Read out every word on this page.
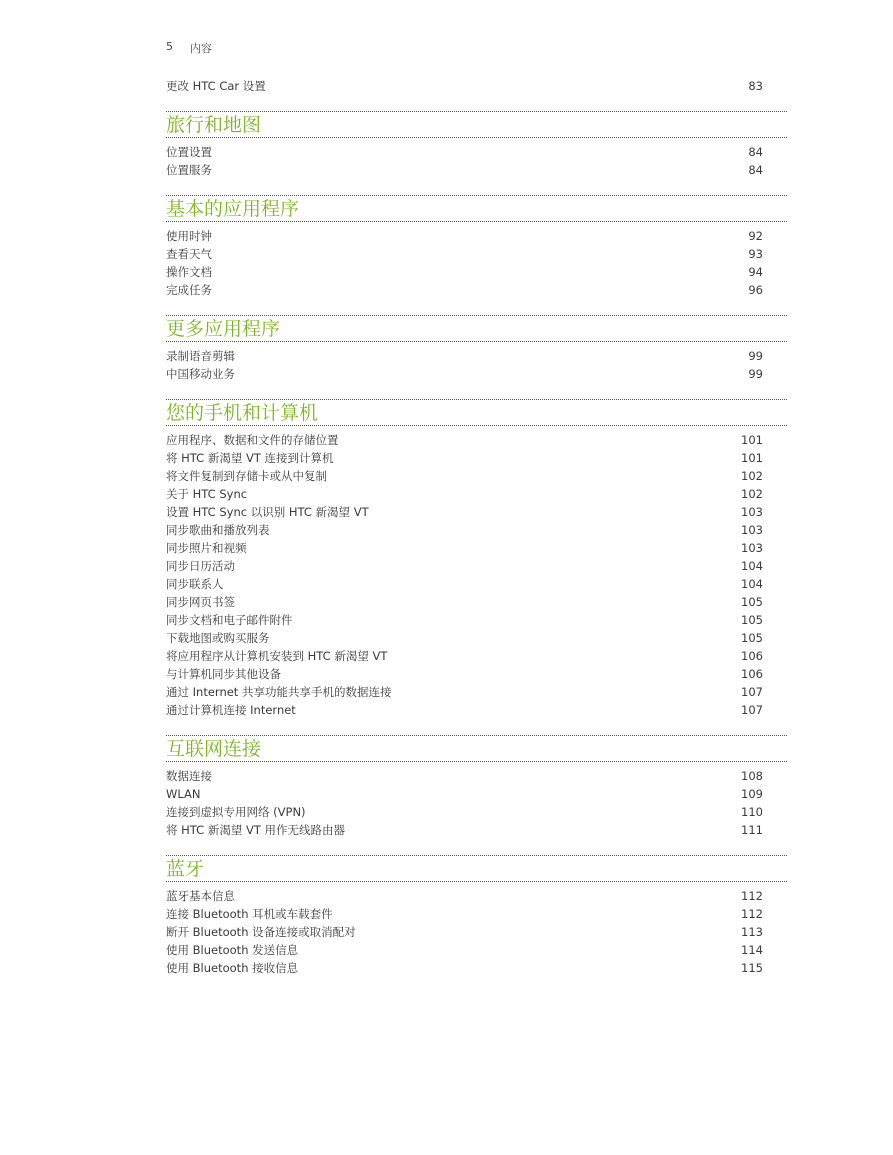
5 内容
更改 HTC Car 设置	83
旅行和地图
位置设置	84
位置服务	84
基本的应用程序
使用时钟	92
查看天气	93
操作文档	94
完成任务	96
更多应用程序
录制语音剪辑	99
中国移动业务	99
您的手机和计算机
应用程序、数据和文件的存储位置	101
将 HTC 新渴望 VT 连接到计算机	101
将文件复制到存储卡或从中复制	102
关于 HTC Sync	102
设置 HTC Sync 以识别 HTC 新渴望 VT	103
同步歌曲和播放列表	103
同步照片和视频	103
同步日历活动	104
同步联系人	104
同步网页书签	105
同步文档和电子邮件附件	105
下载地图或购买服务	105
将应用程序从计算机安装到 HTC 新渴望 VT	106
与计算机同步其他设备	106
通过 Internet 共享功能共享手机的数据连接	107
通过计算机连接 Internet	107
互联网连接
数据连接	108
WLAN	109
连接到虚拟专用网络 (VPN)	110
将 HTC 新渴望 VT 用作无线路由器	111
蓝牙
蓝牙基本信息	112
连接 Bluetooth 耳机或车载套件	112
断开 Bluetooth 设备连接或取消配对	113
使用 Bluetooth 发送信息	114
使用 Bluetooth 接收信息	115
